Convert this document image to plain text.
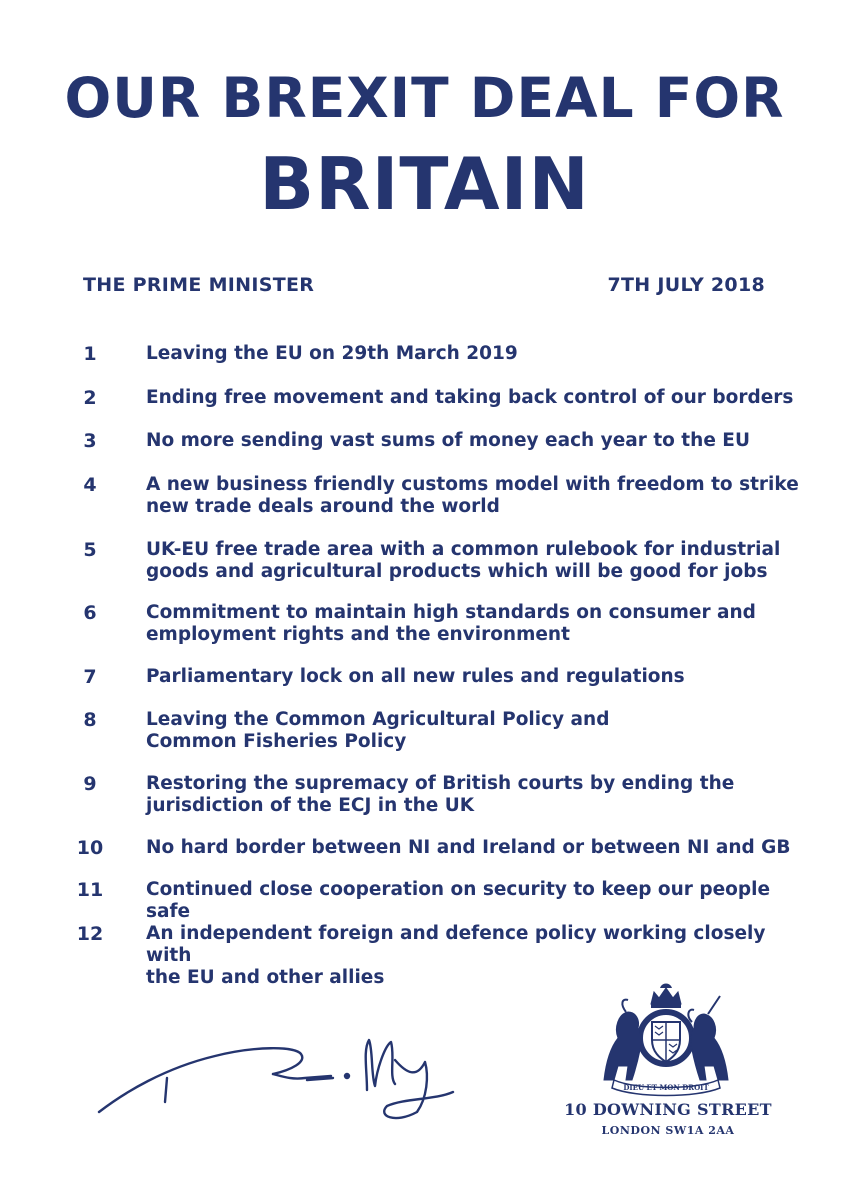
OUR BREXIT DEAL FOR
BRITAIN
THE PRIME MINISTER	7TH JULY 2018
1	Leaving the EU on 29th March 2019
2	Ending free movement and taking back control of our borders
3	No more sending vast sums of money each year to the EU
4	A new business friendly customs model with freedom to strike
new trade deals around the world
5	UK-EU free trade area with a common rulebook for industrial
goods and agricultural products which will be good for jobs
6	Commitment to maintain high standards on consumer and
employment rights and the environment
7	Parliamentary lock on all new rules and regulations
8	Leaving the Common Agricultural Policy and
Common Fisheries Policy
9	Restoring the supremacy of British courts by ending the
jurisdiction of the ECJ in the UK
10	No hard border between NI and Ireland or between NI and GB
11	Continued close cooperation on security to keep our people safe
12	An independent foreign and defence policy working closely with
the EU and other allies
DIEU ET MON DROIT
10 DOWNING STREET
LONDON SW1A 2AA
